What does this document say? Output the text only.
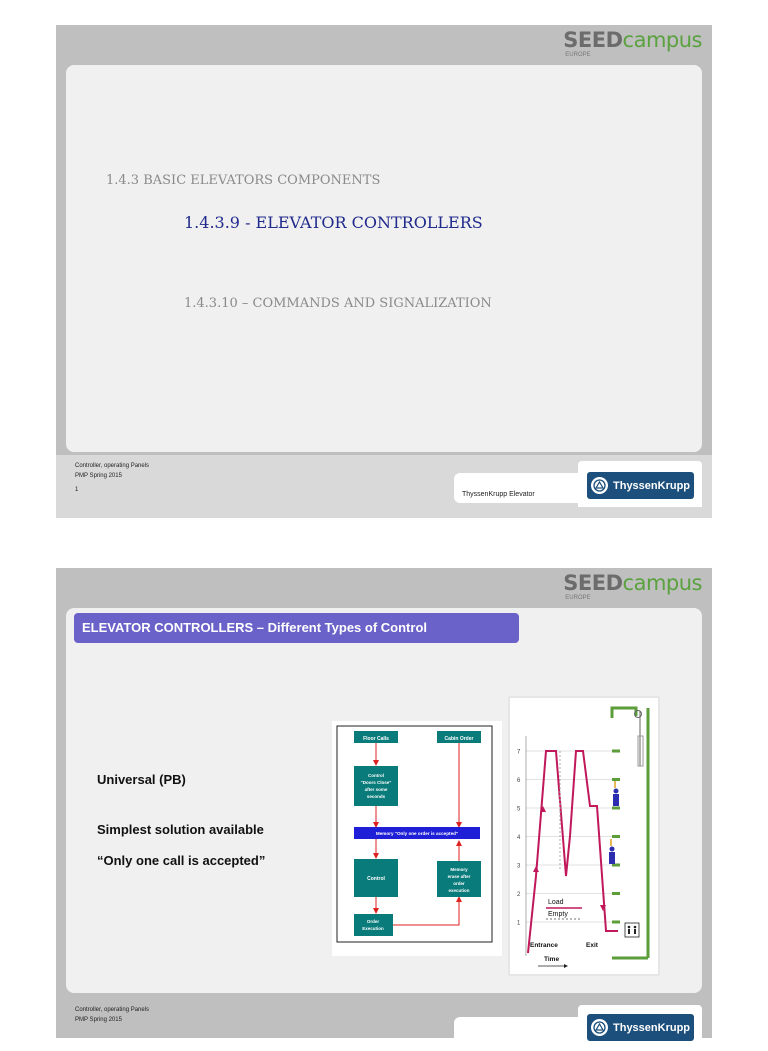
SEEDcampus
EUROPE
1.4.3 BASIC ELEVATORS COMPONENTS
1.4.3.9 - ELEVATOR CONTROLLERS
1.4.3.10 – COMMANDS AND SIGNALIZATION
Controller, operating Panels
PMP Spring 2015
1
ThyssenKrupp Elevator
ThyssenKrupp
SEEDcampus
EUROPE
ELEVATOR CONTROLLERS – Different Types of Control
Universal (PB)
Simplest solution available
“Only one call is accepted”
Floor Calls	Cabin Order
Control
"Doors Close"
after some
seconds
Memory "Only one order is accepted"
Control
Memory
erase after
order
execution
Order
Execution
1
2
3
4
5
6
7
Load
Empty
Entrance	Exit
Time
Controller, operating Panels
PMP Spring 2015
ThyssenKrupp
